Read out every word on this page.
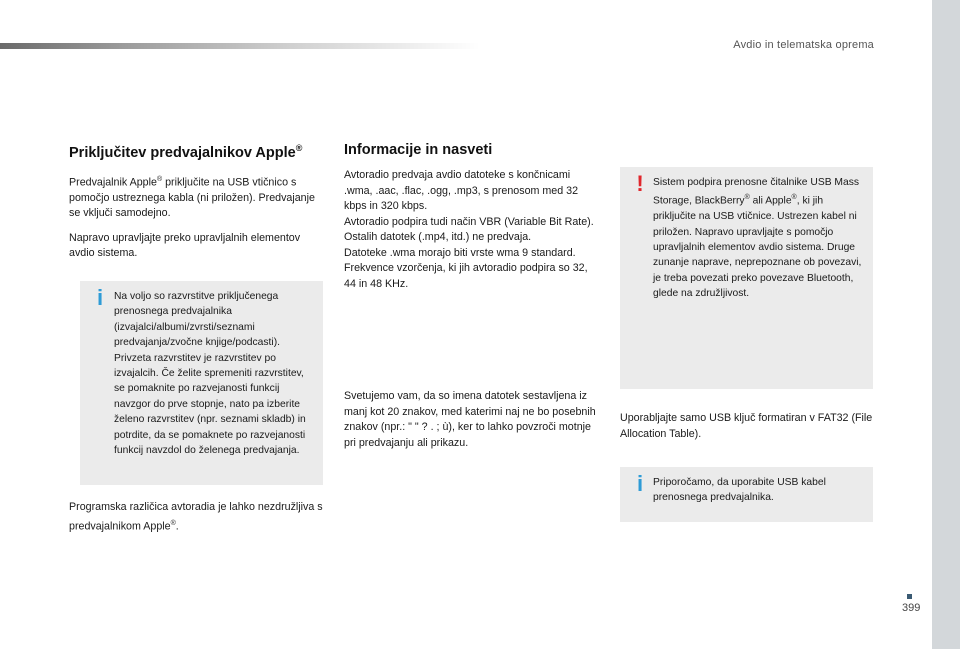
Avdio in telematska oprema
Priključitev predvajalnikov Apple®

Predvajalnik Apple® priključite na USB vtičnico s pomočjo ustreznega kabla (ni priložen). Predvajanje se vključi samodejno.

Napravo upravljajte preko upravljalnih elementov avdio sistema.

i	Na voljo so razvrstitve priključenega prenosnega predvajalnika (izvajalci/albumi/zvrsti/seznami predvajanja/zvočne knjige/podcasti). Privzeta razvrstitev je razvrstitev po izvajalcih. Če želite spremeniti razvrstitev, se pomaknite po razvejanosti funkcij navzgor do prve stopnje, nato pa izberite želeno razvrstitev (npr. seznami skladb) in potrdite, da se pomaknete po razvejanosti funkcij navzdol do želenega predvajanja.

Programska različica avtoradia je lahko nezdružljiva s predvajalnikom Apple®.

Informacije in nasveti

Avtoradio predvaja avdio datoteke s končnicami .wma, .aac, .flac, .ogg, .mp3, s prenosom med 32 kbps in 320 kbps.

Avtoradio podpira tudi način VBR (Variable Bit Rate).

Ostalih datotek (.mp4, itd.) ne predvaja.

Datoteke .wma morajo biti vrste wma 9 standard.

Frekvence vzorčenja, ki jih avtoradio podpira so 32, 44 in 48 KHz.

Svetujemo vam, da so imena datotek sestavljena iz manj kot 20 znakov, med katerimi naj ne bo posebnih znakov (npr.: " " ? . ; ù), ker to lahko povzroči motnje pri predvajanju ali prikazu.

! Sistem podpira prenosne čitalnike USB Mass Storage, BlackBerry® ali Apple®, ki jih priključite na USB vtičnice. Ustrezen kabel ni priložen. Napravo upravljajte s pomočjo upravljalnih elementov avdio sistema. Druge zunanje naprave, neprepoznane ob povezavi, je treba povezati preko povezave Bluetooth, glede na združljivost.

Uporabljajte samo USB ključ formatiran v FAT32 (File Allocation Table).

i Priporočamo, da uporabite USB kabel prenosnega predvajalnika.

399
